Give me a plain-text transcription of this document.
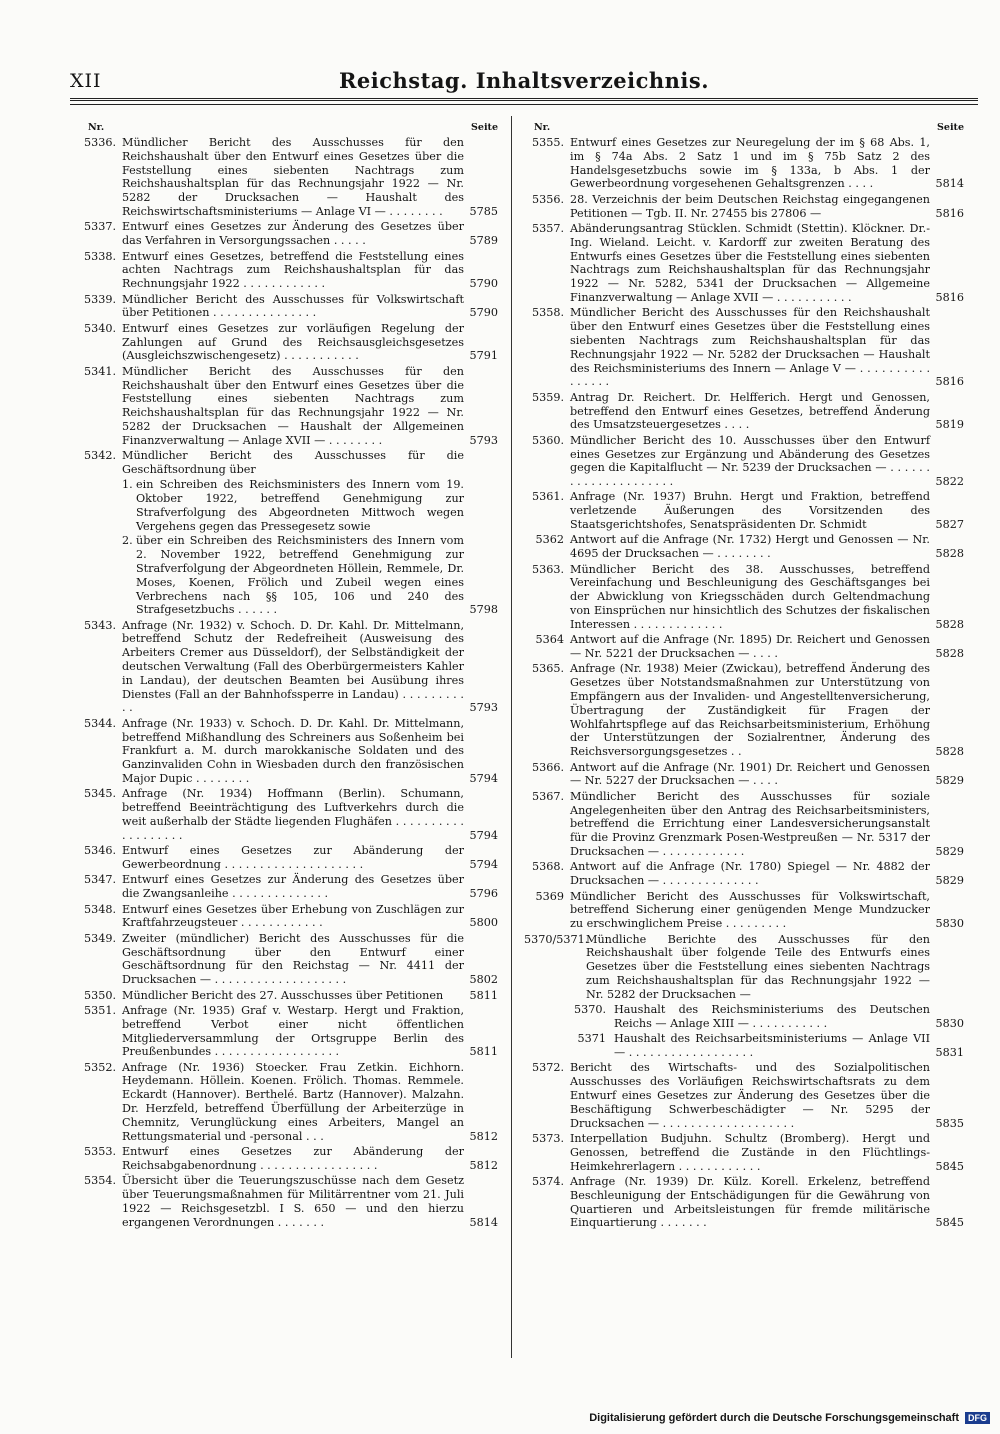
XII	Reichstag. Inhaltsverzeichnis.
Nr.	Seite
5336. Mündlicher Bericht des Ausschusses für den Reichshaushalt über den Entwurf eines Gesetzes über die Feststellung eines siebenten Nachtrags zum Reichshaushaltsplan für das Rechnungsjahr 1922 — Nr. 5282 der Drucksachen — Haushalt des Reichswirtschaftsministeriums — Anlage VI — . . . . . . . .	5785
5337. Entwurf eines Gesetzes zur Änderung des Gesetzes über das Verfahren in Versorgungssachen . . . . .	5789
5338. Entwurf eines Gesetzes, betreffend die Feststellung eines achten Nachtrags zum Reichshaushaltsplan für das Rechnungsjahr 1922 . . . . . . . . . . . .	5790
5339. Mündlicher Bericht des Ausschusses für Volkswirtschaft über Petitionen . . . . . . . . . . . . . . .	5790
5340. Entwurf eines Gesetzes zur vorläufigen Regelung der Zahlungen auf Grund des Reichsausgleichsgesetzes (Ausgleichszwischengesetz) . . . . . . . . . . .	5791
5341. Mündlicher Bericht des Ausschusses für den Reichshaushalt über den Entwurf eines Gesetzes über die Feststellung eines siebenten Nachtrags zum Reichshaushaltsplan für das Rechnungsjahr 1922 — Nr. 5282 der Drucksachen — Haushalt der Allgemeinen Finanzverwaltung — Anlage XVII — . . . . . . . .	5793
5342. Mündlicher Bericht des Ausschusses für die Geschäftsordnung über
1. ein Schreiben des Reichsministers des Innern vom 19. Oktober 1922, betreffend Genehmigung zur Strafverfolgung des Abgeordneten Mittwoch wegen Vergehens gegen das Pressegesetz sowie
2. über ein Schreiben des Reichsministers des Innern vom 2. November 1922, betreffend Genehmigung zur Strafverfolgung der Abgeordneten Höllein, Remmele, Dr. Moses, Koenen, Frölich und Zubeil wegen eines Verbrechens nach §§ 105, 106 und 240 des Strafgesetzbuchs . . . . . .	5798
5343. Anfrage (Nr. 1932) v. Schoch. D. Dr. Kahl. Dr. Mittelmann, betreffend Schutz der Redefreiheit (Ausweisung des Arbeiters Cremer aus Düsseldorf), der Selbständigkeit der deutschen Verwaltung (Fall des Oberbürgermeisters Kahler in Landau), der deutschen Beamten bei Ausübung ihres Dienstes (Fall an der Bahnhofssperre in Landau) . . . . . . . . . . .	5793
5344. Anfrage (Nr. 1933) v. Schoch. D. Dr. Kahl. Dr. Mittelmann, betreffend Mißhandlung des Schreiners aus Soßenheim bei Frankfurt a. M. durch marokkanische Soldaten und des Ganzinvaliden Cohn in Wiesbaden durch den französischen Major Dupic . . . . . . . .	5794
5345. Anfrage (Nr. 1934) Hoffmann (Berlin). Schumann, betreffend Beeinträchtigung des Luftverkehrs durch die weit außerhalb der Städte liegenden Flughäfen . . . . . . . . . . . . . . . . . . .	5794
5346. Entwurf eines Gesetzes zur Abänderung der Gewerbeordnung . . . . . . . . . . . . . . . . . . . .	5794
5347. Entwurf eines Gesetzes zur Änderung des Gesetzes über die Zwangsanleihe . . . . . . . . . . . . . .	5796
5348. Entwurf eines Gesetzes über Erhebung von Zuschlägen zur Kraftfahrzeugsteuer . . . . . . . . . . . .	5800
5349. Zweiter (mündlicher) Bericht des Ausschusses für die Geschäftsordnung über den Entwurf einer Geschäftsordnung für den Reichstag — Nr. 4411 der Drucksachen — . . . . . . . . . . . . . . . . . . .	5802
5350. Mündlicher Bericht des 27. Ausschusses über Petitionen	5811
5351. Anfrage (Nr. 1935) Graf v. Westarp. Hergt und Fraktion, betreffend Verbot einer nicht öffentlichen Mitgliederversammlung der Ortsgruppe Berlin des Preußenbundes . . . . . . . . . . . . . . . . . .	5811
5352. Anfrage (Nr. 1936) Stoecker. Frau Zetkin. Eichhorn. Heydemann. Höllein. Koenen. Frölich. Thomas. Remmele. Eckardt (Hannover). Berthelé. Bartz (Hannover). Malzahn. Dr. Herzfeld, betreffend Überfüllung der Arbeiterzüge in Chemnitz, Verunglückung eines Arbeiters, Mangel an Rettungsmaterial und -personal . . .	5812
5353. Entwurf eines Gesetzes zur Abänderung der Reichsabgabenordnung . . . . . . . . . . . . . . . . .	5812
5354. Übersicht über die Teuerungszuschüsse nach dem Gesetz über Teuerungsmaßnahmen für Militärrentner vom 21. Juli 1922 — Reichsgesetzbl. I S. 650 — und den hierzu ergangenen Verordnungen . . . . . . .	5814
Nr.	Seite
5355. Entwurf eines Gesetzes zur Neuregelung der im § 68 Abs. 1, im § 74a Abs. 2 Satz 1 und im § 75b Satz 2 des Handelsgesetzbuchs sowie im § 133a, b Abs. 1 der Gewerbeordnung vorgesehenen Gehaltsgrenzen . . . .	5814
5356. 28. Verzeichnis der beim Deutschen Reichstag eingegangenen Petitionen — Tgb. II. Nr. 27455 bis 27806 —	5816
5357. Abänderungsantrag Stücklen. Schmidt (Stettin). Klöckner. Dr.-Ing. Wieland. Leicht. v. Kardorff zur zweiten Beratung des Entwurfs eines Gesetzes über die Feststellung eines siebenten Nachtrags zum Reichshaushaltsplan für das Rechnungsjahr 1922 — Nr. 5282, 5341 der Drucksachen — Allgemeine Finanzverwaltung — Anlage XVII — . . . . . . . . . . .	5816
5358. Mündlicher Bericht des Ausschusses für den Reichshaushalt über den Entwurf eines Gesetzes über die Feststellung eines siebenten Nachtrags zum Reichshaushaltsplan für das Rechnungsjahr 1922 — Nr. 5282 der Drucksachen — Haushalt des Reichsministeriums des Innern — Anlage V — . . . . . . . . . . . . . . . .	5816
5359. Antrag Dr. Reichert. Dr. Helfferich. Hergt und Genossen, betreffend den Entwurf eines Gesetzes, betreffend Änderung des Umsatzsteuergesetzes . . . .	5819
5360. Mündlicher Bericht des 10. Ausschusses über den Entwurf eines Gesetzes zur Ergänzung und Abänderung des Gesetzes gegen die Kapitalflucht — Nr. 5239 der Drucksachen — . . . . . . . . . . . . . . . . . . . . .	5822
5361. Anfrage (Nr. 1937) Bruhn. Hergt und Fraktion, betreffend verletzende Äußerungen des Vorsitzenden des Staatsgerichtshofes, Senatspräsidenten Dr. Schmidt	5827
5362 Antwort auf die Anfrage (Nr. 1732) Hergt und Genossen — Nr. 4695 der Drucksachen — . . . . . . . .	5828
5363. Mündlicher Bericht des 38. Ausschusses, betreffend Vereinfachung und Beschleunigung des Geschäftsganges bei der Abwicklung von Kriegsschäden durch Geltendmachung von Einsprüchen nur hinsichtlich des Schutzes der fiskalischen Interessen . . . . . . . . . . . . .	5828
5364 Antwort auf die Anfrage (Nr. 1895) Dr. Reichert und Genossen — Nr. 5221 der Drucksachen — . . . .	5828
5365. Anfrage (Nr. 1938) Meier (Zwickau), betreffend Änderung des Gesetzes über Notstandsmaßnahmen zur Unterstützung von Empfängern aus der Invaliden- und Angestelltenversicherung, Übertragung der Zuständigkeit für Fragen der Wohlfahrtspflege auf das Reichsarbeitsministerium, Erhöhung der Unterstützungen der Sozialrentner, Änderung des Reichsversorgungsgesetzes . .	5828
5366. Antwort auf die Anfrage (Nr. 1901) Dr. Reichert und Genossen — Nr. 5227 der Drucksachen — . . . .	5829
5367. Mündlicher Bericht des Ausschusses für soziale Angelegenheiten über den Antrag des Reichsarbeitsministers, betreffend die Errichtung einer Landesversicherungsanstalt für die Provinz Grenzmark Posen-Westpreußen — Nr. 5317 der Drucksachen — . . . . . . . . . . . .	5829
5368. Antwort auf die Anfrage (Nr. 1780) Spiegel — Nr. 4882 der Drucksachen — . . . . . . . . . . . . . .	5829
5369 Mündlicher Bericht des Ausschusses für Volkswirtschaft, betreffend Sicherung einer genügenden Menge Mundzucker zu erschwinglichem Preise . . . . . . . . .	5830
5370/5371.
Mündliche Berichte des Ausschusses für den Reichshaushalt über folgende Teile des Entwurfs eines Gesetzes über die Feststellung eines siebenten Nachtrags zum Reichshaushaltsplan für das Rechnungsjahr 1922 — Nr. 5282 der Drucksachen —
5370. Haushalt des Reichsministeriums des Deutschen Reichs — Anlage XIII — . . . . . . . . . . .	5830
5371 Haushalt des Reichsarbeitsministeriums — Anlage VII — . . . . . . . . . . . . . . . . . .	5831
5372. Bericht des Wirtschafts- und des Sozialpolitischen Ausschusses des Vorläufigen Reichswirtschaftsrats zu dem Entwurf eines Gesetzes zur Änderung des Gesetzes über die Beschäftigung Schwerbeschädigter — Nr. 5295 der Drucksachen — . . . . . . . . . . . . . . . . . . .	5835
5373. Interpellation Budjuhn. Schultz (Bromberg). Hergt und Genossen, betreffend die Zustände in den Flüchtlings-Heimkehrerlagern . . . . . . . . . . . .	5845
5374. Anfrage (Nr. 1939) Dr. Külz. Korell. Erkelenz, betreffend Beschleunigung der Entschädigungen für die Gewährung von Quartieren und Arbeitsleistungen für fremde militärische Einquartierung . . . . . . .	5845
Digitalisierung gefördert durch die Deutsche Forschungsgemeinschaft	DFG
